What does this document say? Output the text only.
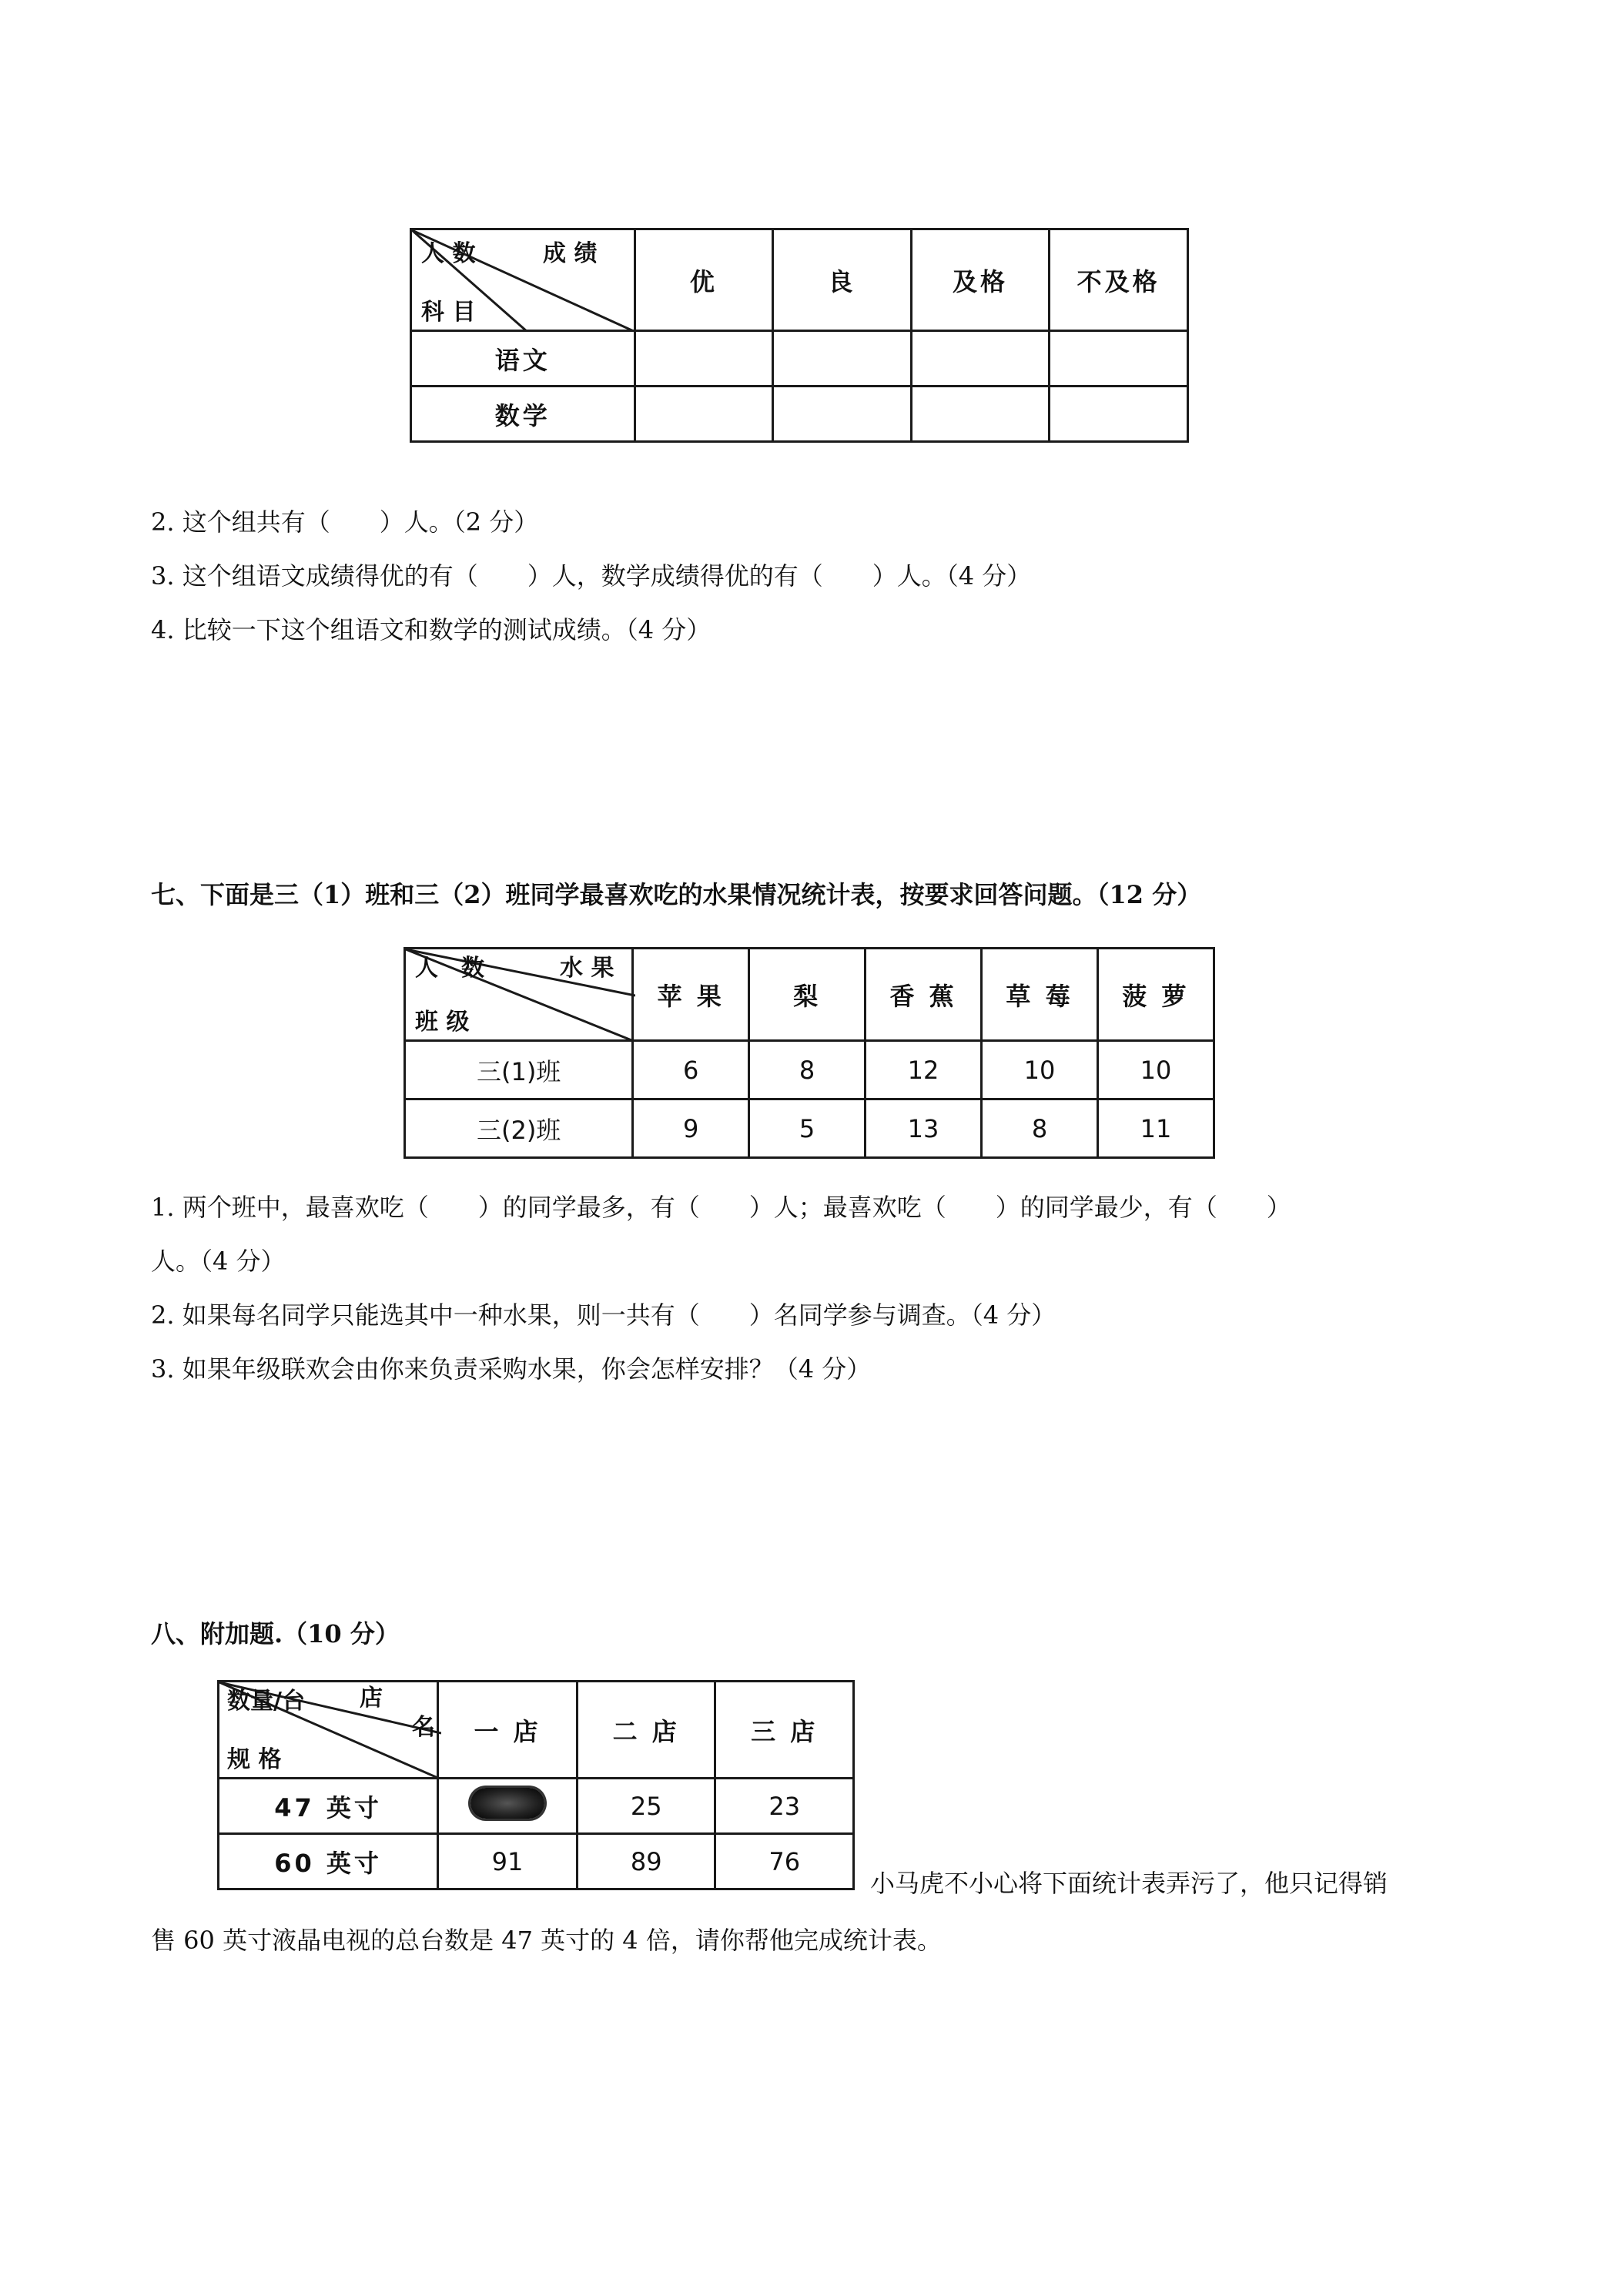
成 绩
人 数
科 目	优	良	及格	不及格
语文				
数学				
2. 这个组共有（　　）人。（2 分）
3. 这个组语文成绩得优的有（　　）人，数学成绩得优的有（　　）人。（4 分）
4. 比较一下这个组语文和数学的测试成绩。（4 分）
七、下面是三（1）班和三（2）班同学最喜欢吃的水果情况统计表，按要求回答问题。（12 分）
人　数 水 果
班 级	苹 果	梨	香 蕉	草 莓	菠 萝
三(1)班	6	8	12	10	10
三(2)班	9	5	13	8	11
1. 两个班中，最喜欢吃（　　）的同学最多，有（　　）人；最喜欢吃（　　）的同学最少，有（　　）
人。（4 分）
2. 如果每名同学只能选其中一种水果，则一共有（　　）名同学参与调查。（4 分）
3. 如果年级联欢会由你来负责采购水果，你会怎样安排？（4 分）
八、附加题.（10 分）
数量/台 店
名
规 格	一 店	二 店	三 店
47 英寸		25	23
60 英寸	91	89	76
小马虎不小心将下面统计表弄污了，他只记得销
售 60 英寸液晶电视的总台数是 47 英寸的 4 倍，请你帮他完成统计表。
